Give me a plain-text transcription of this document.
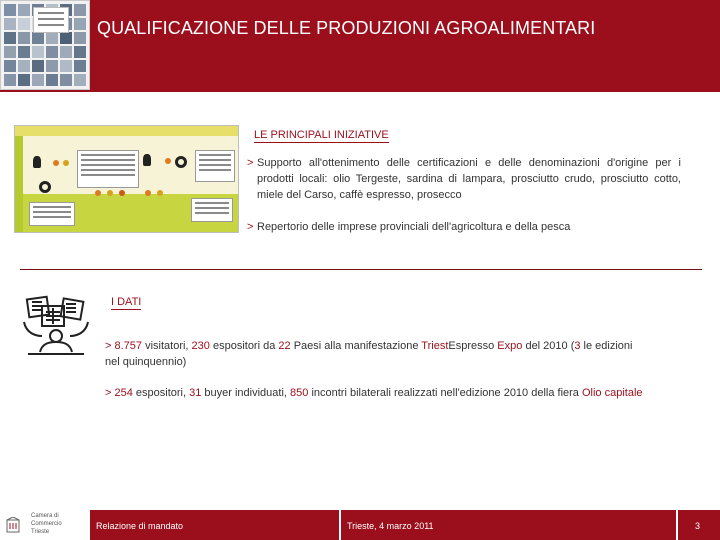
QUALIFICAZIONE DELLE PRODUZIONI AGROALIMENTARI
LE PRINCIPALI INIZIATIVE
> Supporto all'ottenimento delle certificazioni e delle denominazioni d'origine per i prodotti locali: olio Tergeste, sardina di lampara, prosciutto crudo, prosciutto cotto, miele del Carso, caffè espresso, prosecco
> Repertorio delle imprese provinciali dell'agricoltura e della pesca
I DATI
> 8.757 visitatori, 230 espositori da 22 Paesi alla manifestazione TriestEspresso Expo del 2010 (3 le edizioni nel quinquennio)
> 254 espositori, 31 buyer individuati, 850 incontri bilaterali realizzati nell'edizione 2010 della fiera Olio capitale
Camera di Commercio
Trieste
Relazione di mandato	Trieste, 4 marzo 2011	3
